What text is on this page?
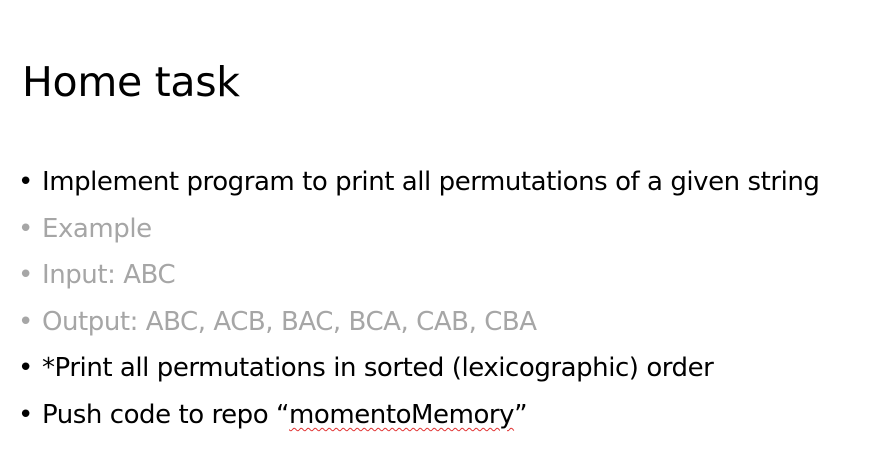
Home task
• Implement program to print all permutations of a given string
• Example
• Input: ABC
• Output: ABC, ACB, BAC, BCA, CAB, CBA
• *Print all permutations in sorted (lexicographic) order
• Push code to repo “momentoMemory”
